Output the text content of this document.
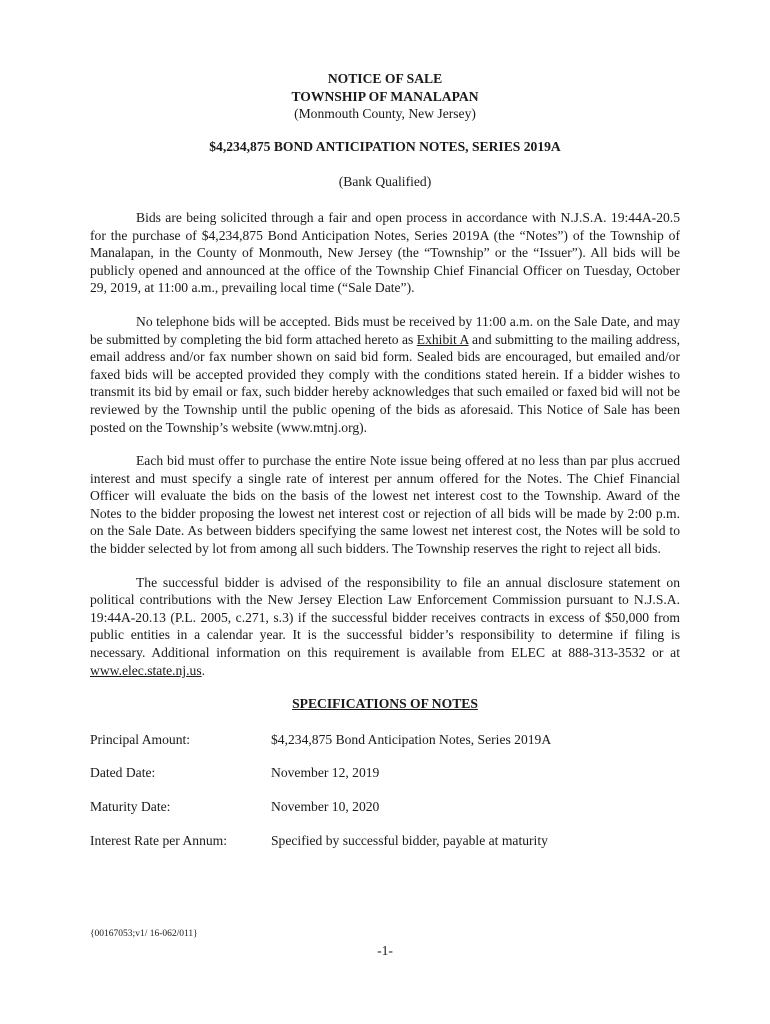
NOTICE OF SALE
TOWNSHIP OF MANALAPAN
(Monmouth County, New Jersey)
$4,234,875 BOND ANTICIPATION NOTES, SERIES 2019A
(Bank Qualified)

Bids are being solicited through a fair and open process in accordance with N.J.S.A. 19:44A-20.5 for the purchase of $4,234,875 Bond Anticipation Notes, Series 2019A (the “Notes”) of the Township of Manalapan, in the County of Monmouth, New Jersey (the “Township” or the “Issuer”). All bids will be publicly opened and announced at the office of the Township Chief Financial Officer on Tuesday, October 29, 2019, at 11:00 a.m., prevailing local time (“Sale Date”).

No telephone bids will be accepted. Bids must be received by 11:00 a.m. on the Sale Date, and may be submitted by completing the bid form attached hereto as Exhibit A and submitting to the mailing address, email address and/or fax number shown on said bid form. Sealed bids are encouraged, but emailed and/or faxed bids will be accepted provided they comply with the conditions stated herein. If a bidder wishes to transmit its bid by email or fax, such bidder hereby acknowledges that such emailed or faxed bid will not be reviewed by the Township until the public opening of the bids as aforesaid. This Notice of Sale has been posted on the Township’s website (www.mtnj.org).

Each bid must offer to purchase the entire Note issue being offered at no less than par plus accrued interest and must specify a single rate of interest per annum offered for the Notes. The Chief Financial Officer will evaluate the bids on the basis of the lowest net interest cost to the Township. Award of the Notes to the bidder proposing the lowest net interest cost or rejection of all bids will be made by 2:00 p.m. on the Sale Date. As between bidders specifying the same lowest net interest cost, the Notes will be sold to the bidder selected by lot from among all such bidders. The Township reserves the right to reject all bids.

The successful bidder is advised of the responsibility to file an annual disclosure statement on political contributions with the New Jersey Election Law Enforcement Commission pursuant to N.J.S.A. 19:44A-20.13 (P.L. 2005, c.271, s.3) if the successful bidder receives contracts in excess of $50,000 from public entities in a calendar year. It is the successful bidder’s responsibility to determine if filing is necessary. Additional information on this requirement is available from ELEC at 888-313-3532 or at www.elec.state.nj.us.

SPECIFICATIONS OF NOTES
Principal Amount:	$4,234,875 Bond Anticipation Notes, Series 2019A
Dated Date:	November 12, 2019
Maturity Date:	November 10, 2020
Interest Rate per Annum:	Specified by successful bidder, payable at maturity
{00167053;v1/ 16-062/011}
-1-
